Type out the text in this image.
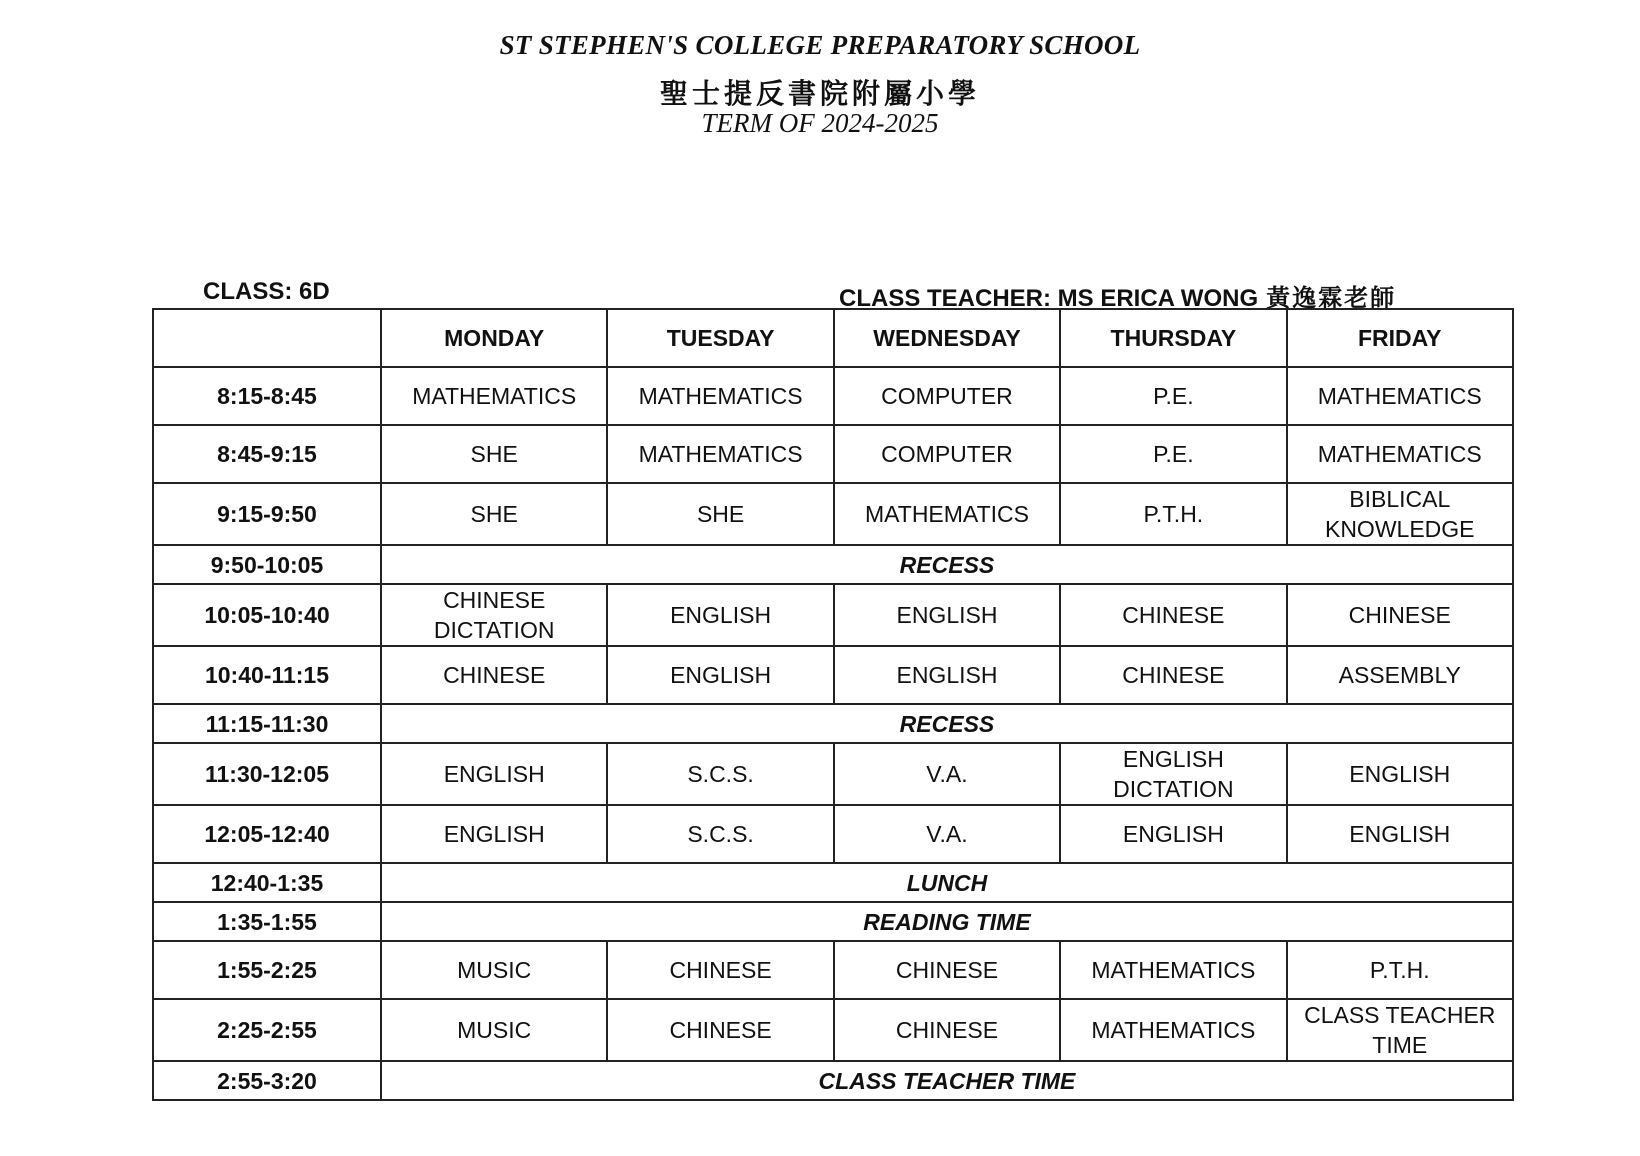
ST STEPHEN'S COLLEGE PREPARATORY SCHOOL
聖士提反書院附屬小學
TERM OF 2024-2025
CLASS: 6D	CLASS TEACHER: MS ERICA WONG 黃逸霖老師
	MONDAY	TUESDAY	WEDNESDAY	THURSDAY	FRIDAY
8:15-8:45	MATHEMATICS	MATHEMATICS	COMPUTER	P.E.	MATHEMATICS
8:45-9:15	SHE	MATHEMATICS	COMPUTER	P.E.	MATHEMATICS
9:15-9:50	SHE	SHE	MATHEMATICS	P.T.H.	BIBLICAL KNOWLEDGE
9:50-10:05	RECESS				
10:05-10:40	CHINESE DICTATION	ENGLISH	ENGLISH	CHINESE	CHINESE
10:40-11:15	CHINESE	ENGLISH	ENGLISH	CHINESE	ASSEMBLY
11:15-11:30	RECESS				
11:30-12:05	ENGLISH	S.C.S.	V.A.	ENGLISH DICTATION	ENGLISH
12:05-12:40	ENGLISH	S.C.S.	V.A.	ENGLISH	ENGLISH
12:40-1:35	LUNCH				
1:35-1:55	READING TIME				
1:55-2:25	MUSIC	CHINESE	CHINESE	MATHEMATICS	P.T.H.
2:25-2:55	MUSIC	CHINESE	CHINESE	MATHEMATICS	CLASS TEACHER TIME
2:55-3:20	CLASS TEACHER TIME				
